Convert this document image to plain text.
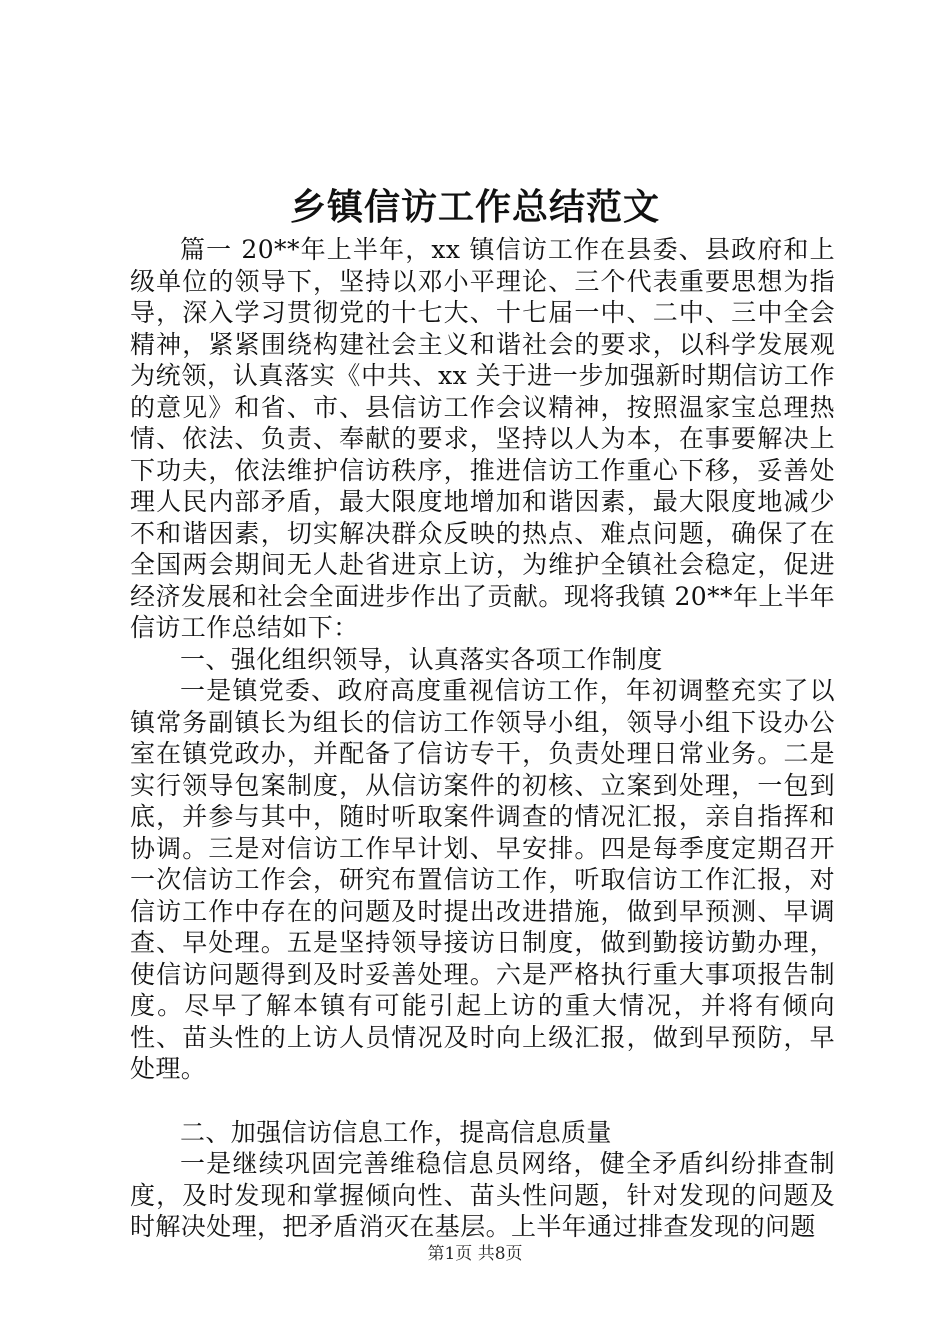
乡镇信访工作总结范文

篇一 20**年上半年，xx 镇信访工作在县委、县政府和上级单位的领导下，坚持以邓小平理论、三个代表重要思想为指导，深入学习贯彻党的十七大、十七届一中、二中、三中全会精神，紧紧围绕构建社会主义和谐社会的要求，以科学发展观为统领，认真落实《中共、xx 关于进一步加强新时期信访工作的意见》和省、市、县信访工作会议精神，按照温家宝总理热情、依法、负责、奉献的要求，坚持以人为本，在事要解决上下功夫，依法维护信访秩序，推进信访工作重心下移，妥善处理人民内部矛盾，最大限度地增加和谐因素，最大限度地减少不和谐因素，切实解决群众反映的热点、难点问题，确保了在全国两会期间无人赴省进京上访，为维护全镇社会稳定，促进经济发展和社会全面进步作出了贡献。现将我镇 20**年上半年信访工作总结如下：

一、强化组织领导，认真落实各项工作制度

一是镇党委、政府高度重视信访工作，年初调整充实了以镇常务副镇长为组长的信访工作领导小组，领导小组下设办公室在镇党政办，并配备了信访专干，负责处理日常业务。二是实行领导包案制度，从信访案件的初核、立案到处理，一包到底，并参与其中，随时听取案件调查的情况汇报，亲自指挥和协调。三是对信访工作早计划、早安排。四是每季度定期召开一次信访工作会，研究布置信访工作，听取信访工作汇报，对信访工作中存在的问题及时提出改进措施，做到早预测、早调查、早处理。五是坚持领导接访日制度，做到勤接访勤办理，使信访问题得到及时妥善处理。六是严格执行重大事项报告制度。尽早了解本镇有可能引起上访的重大情况，并将有倾向性、苗头性的上访人员情况及时向上级汇报，做到早预防，早处理。

二、加强信访信息工作，提高信息质量

一是继续巩固完善维稳信息员网络，健全矛盾纠纷排查制度，及时发现和掌握倾向性、苗头性问题，针对发现的问题及时解决处理，把矛盾消灭在基层。上半年通过排查发现的问题

第1页 共8页
